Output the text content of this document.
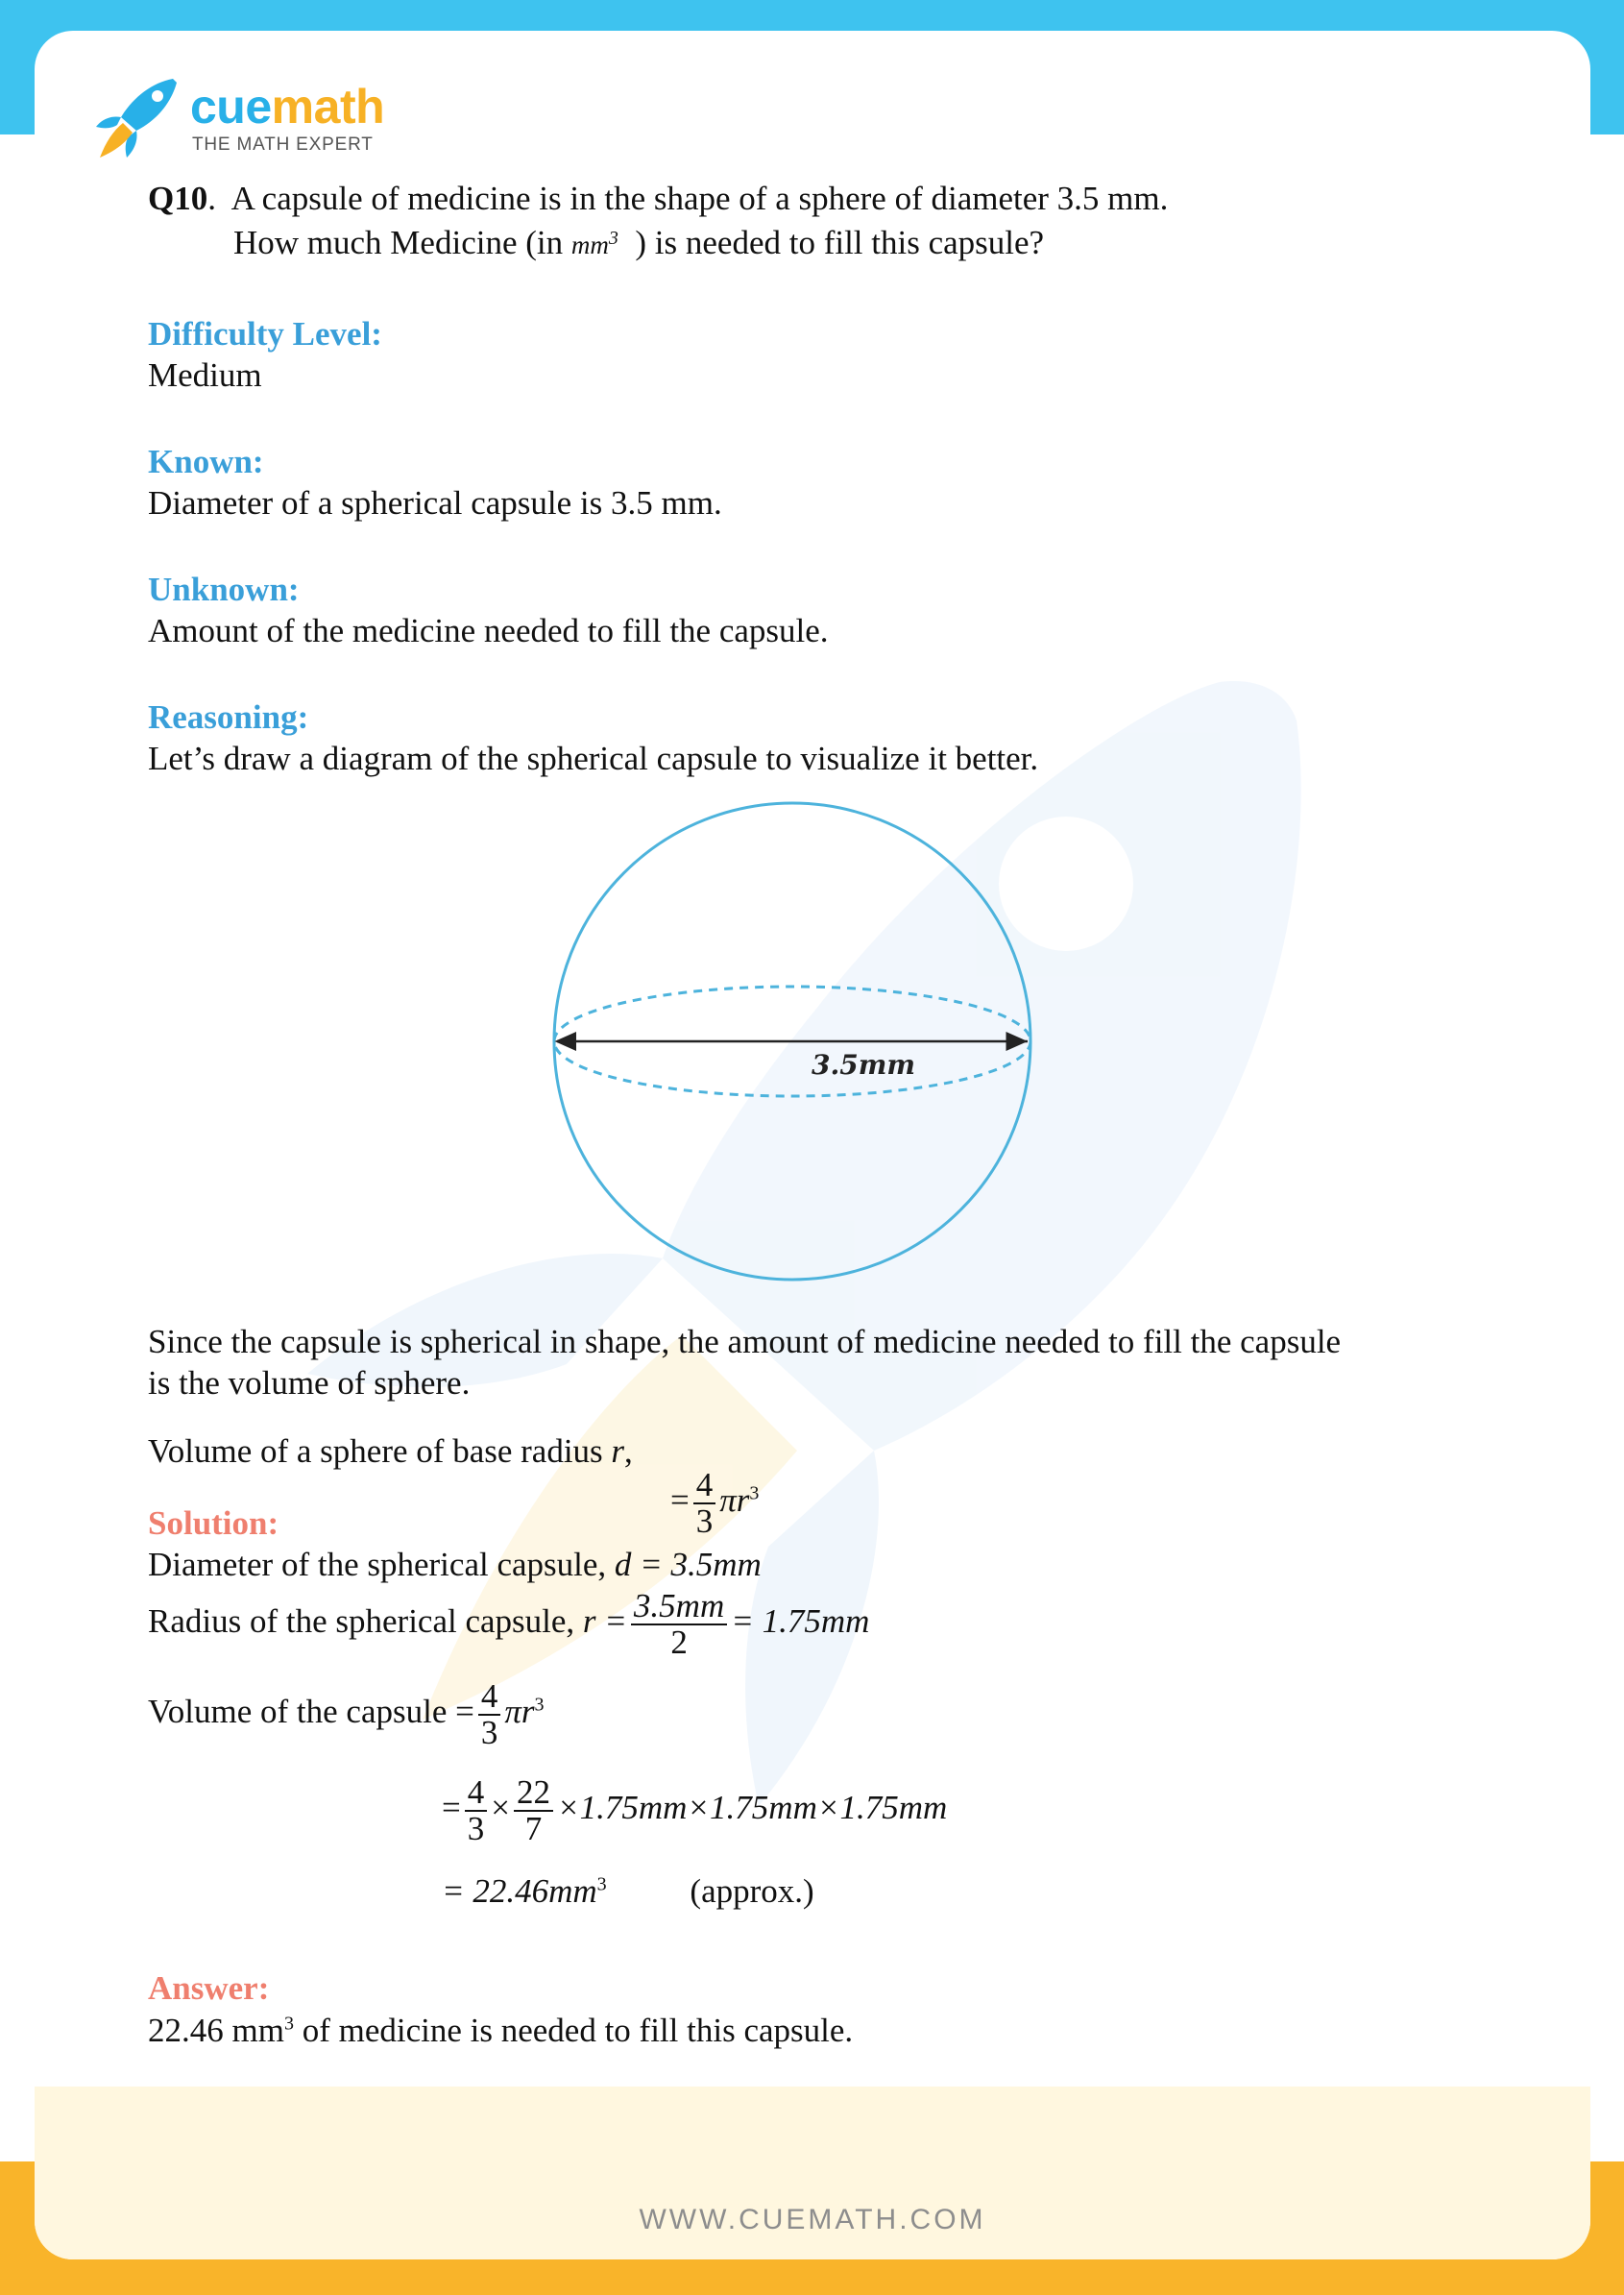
WWW.CUEMATH.COM
cuemath
THE MATH EXPERT
Q10.  A capsule of medicine is in the shape of a sphere of diameter 3.5 mm.
How much Medicine (in $mm^3$ ) is needed to fill this capsule?
Difficulty Level:
Medium
Known:
Diameter of a spherical capsule is 3.5 mm.
Unknown:
Amount of the medicine needed to fill the capsule.
Reasoning:
Let’s draw a diagram of the spherical capsule to visualize it better.
3.5mm
Since the capsule is spherical in shape, the amount of medicine needed to fill the capsule
is the volume of sphere.
Volume of a sphere of base radius r,
= $\frac{4}{3} \pi r^3$
Solution:
Diameter of the spherical capsule, d = 3.5mm
Radius of the spherical capsule, $r = \frac{3.5mm}{2} = 1.75mm$
Volume of the capsule = $\frac{4}{3} \pi r^3$
= $\frac{4}{3} \times \frac{22}{7} \times 1.75mm\times 1.75mm\times 1.75mm$
= $22.46mm^3$ (approx.)
Answer:
22.46 $mm^3$ of medicine is needed to fill this capsule.
